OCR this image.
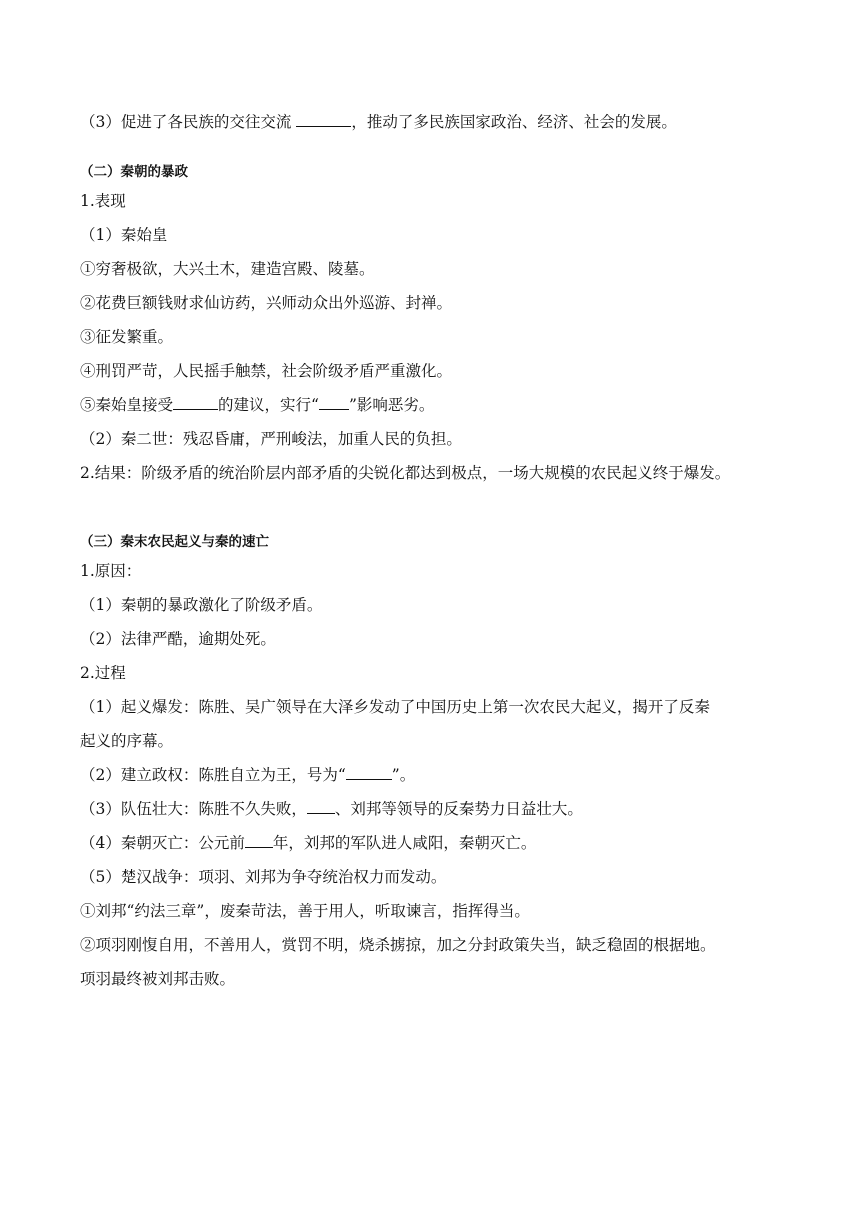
（3）促进了各民族的交往交流	，推动了多民族国家政治、经济、社会的发展。
（二）秦朝的暴政
1.表现
（1）秦始皇
①穷奢极欲，大兴土木，建造宫殿、陵墓。
②花费巨额钱财求仙访药，兴师动众出外巡游、封禅。
③征发繁重。
④刑罚严苛，人民摇手触禁，社会阶级矛盾严重激化。
⑤秦始皇接受	的建议，实行“ ”影响恶劣。
（2）秦二世：残忍昏庸，严刑峻法，加重人民的负担。
2.结果：阶级矛盾的统治阶层内部矛盾的尖锐化都达到极点，一场大规模的农民起义终于爆发。
（三）秦末农民起义与秦的速亡
1.原因：
（1）秦朝的暴政激化了阶级矛盾。
（2）法律严酷，逾期处死。
2.过程
（1）起义爆发：陈胜、吴广领导在大泽乡发动了中国历史上第一次农民大起义，揭开了反秦
起义的序幕。
（2）建立政权：陈胜自立为王，号为“	”。
（3）队伍壮大：陈胜不久失败， 、刘邦等领导的反秦势力日益壮大。
（4）秦朝灭亡：公元前 年，刘邦的军队进人咸阳，秦朝灭亡。
（5）楚汉战争：项羽、刘邦为争夺统治权力而发动。
①刘邦“约法三章”，废秦苛法，善于用人，听取谏言，指挥得当。
②项羽刚愎自用，不善用人，赏罚不明，烧杀掳掠，加之分封政策失当，缺乏稳固的根据地。
项羽最终被刘邦击败。
